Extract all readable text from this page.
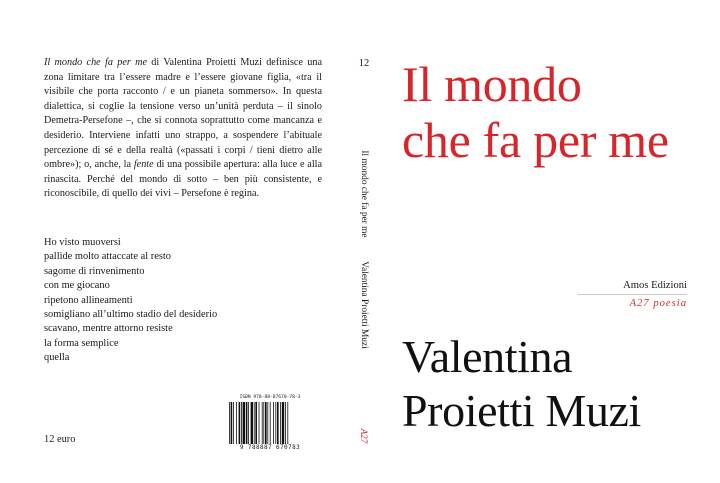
Il mondo che fa per me di Valentina Proietti Muzi definisce una zona limitare tra l’essere madre e l’essere giovane figlia, «tra il visibile che porta racconto / e un pianeta sommerso». In questa dialettica, si coglie la tensione verso un’unità perduta – il sinolo Demetra-Persefone –, che si connota soprattutto come mancanza e desiderio. Interviene infatti uno strappo, a sospendere l’abituale percezione di sé e della realtà («passati i corpi / tieni dietro alle ombre»); o, anche, la fente di una possibile apertura: alla luce e alla rinascita. Perché del mondo di sotto – ben più consistente, e riconoscibile, di quello dei vivi – Persefone è regina.

Ho visto muoversi
pallide molto attaccate al resto
sagome di rinvenimento
con me giocano
ripetono allineamenti
somigliano all’ultimo stadio del desiderio
scavano, mentre attorno resiste
la forma semplice
quella
12 euro
ISBN 978-88-87670-78-3
9 788887 670783
12
Il mondo che fa per me
Valentina Proietti Muzi
A27
Il mondo
che fa per me
Amos Edizioni
A27 poesia
Valentina
Proietti Muzi
